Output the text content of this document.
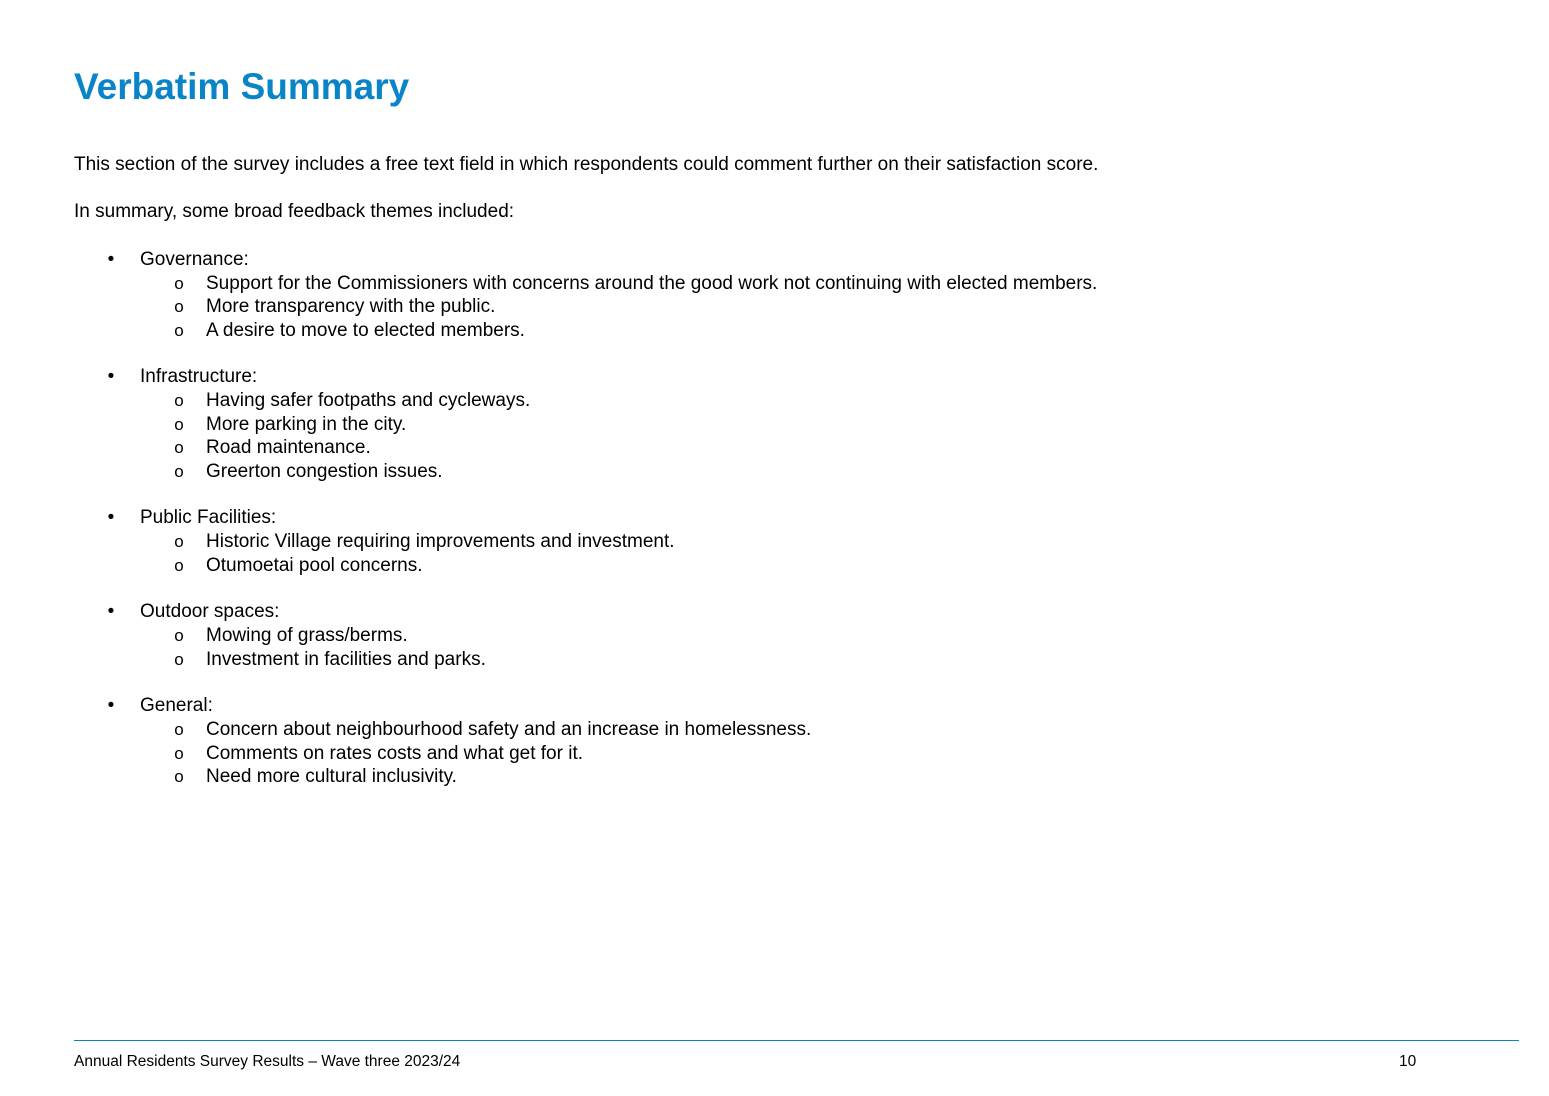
Verbatim Summary

This section of the survey includes a free text field in which respondents could comment further on their satisfaction score.

In summary, some broad feedback themes included:

• Governance:
o Support for the Commissioners with concerns around the good work not continuing with elected members.
o More transparency with the public.
o A desire to move to elected members.
• Infrastructure:
o Having safer footpaths and cycleways.
o More parking in the city.
o Road maintenance.
o Greerton congestion issues.
• Public Facilities:
o Historic Village requiring improvements and investment.
o Otumoetai pool concerns.
• Outdoor spaces:
o Mowing of grass/berms.
o Investment in facilities and parks.
• General:
o Concern about neighbourhood safety and an increase in homelessness.
o Comments on rates costs and what get for it.
o Need more cultural inclusivity.
Annual Residents Survey Results – Wave three 2023/24	10
